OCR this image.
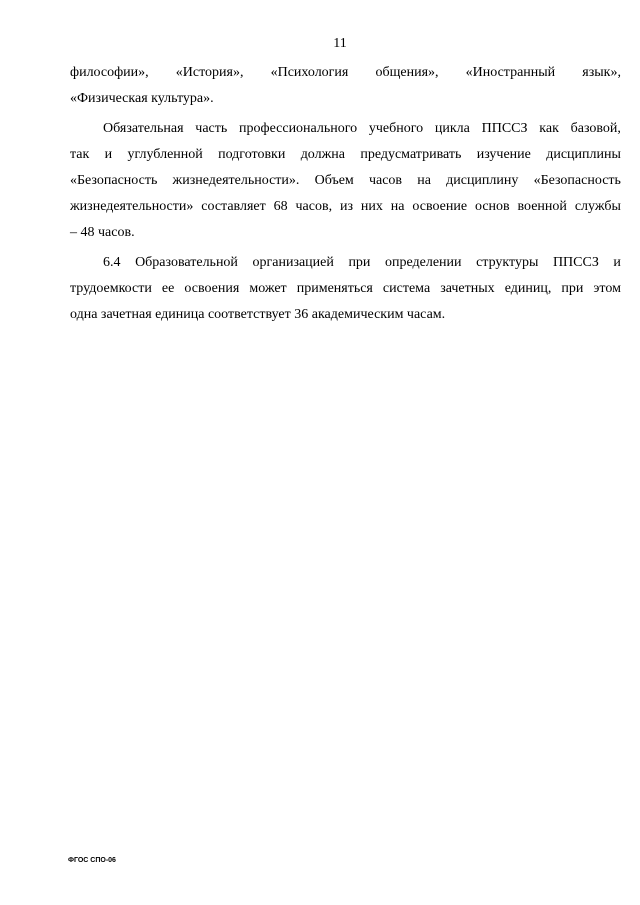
11
философии», «История», «Психология общения», «Иностранный язык»,
«Физическая культура».
Обязательная часть профессионального учебного цикла ППССЗ как базовой,
так и углубленной подготовки должна предусматривать изучение дисциплины
«Безопасность жизнедеятельности». Объем часов на дисциплину «Безопасность
жизнедеятельности» составляет 68 часов, из них на освоение основ военной службы
– 48 часов.
6.4 Образовательной организацией при определении структуры ППССЗ и
трудоемкости ее освоения может применяться система зачетных единиц, при этом
одна зачетная единица соответствует 36 академическим часам.
ФГОС СПО-06
